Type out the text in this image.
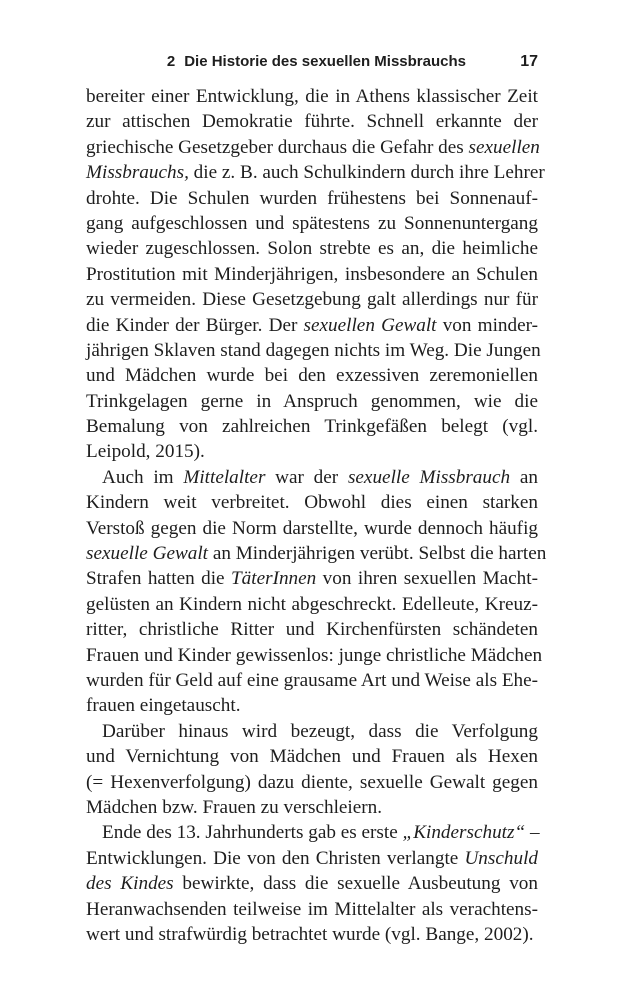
2 Die Historie des sexuellen Missbrauchs	17
bereiter einer Entwicklung, die in Athens klassischer Zeit
zur attischen Demokratie führte. Schnell erkannte der
griechische Gesetzgeber durchaus die Gefahr des sexuellen
Missbrauchs, die z. B. auch Schulkindern durch ihre Lehrer
drohte. Die Schulen wurden frühestens bei Sonnenauf-
gang aufgeschlossen und spätestens zu Sonnenuntergang
wieder zugeschlossen. Solon strebte es an, die heimliche
Prostitution mit Minderjährigen, insbesondere an Schulen
zu vermeiden. Diese Gesetzgebung galt allerdings nur für
die Kinder der Bürger. Der sexuellen Gewalt von minder-
jährigen Sklaven stand dagegen nichts im Weg. Die Jungen
und Mädchen wurde bei den exzessiven zeremoniellen
Trinkgelagen gerne in Anspruch genommen, wie die
Bemalung von zahlreichen Trinkgefäßen belegt (vgl.
Leipold, 2015).
Auch im Mittelalter war der sexuelle Missbrauch an
Kindern weit verbreitet. Obwohl dies einen starken
Verstoß gegen die Norm darstellte, wurde dennoch häufig
sexuelle Gewalt an Minderjährigen verübt. Selbst die harten
Strafen hatten die TäterInnen von ihren sexuellen Macht-
gelüsten an Kindern nicht abgeschreckt. Edelleute, Kreuz-
ritter, christliche Ritter und Kirchenfürsten schändeten
Frauen und Kinder gewissenlos: junge christliche Mädchen
wurden für Geld auf eine grausame Art und Weise als Ehe-
frauen eingetauscht.
Darüber hinaus wird bezeugt, dass die Verfolgung
und Vernichtung von Mädchen und Frauen als Hexen
(= Hexenverfolgung) dazu diente, sexuelle Gewalt gegen
Mädchen bzw. Frauen zu verschleiern.
Ende des 13. Jahrhunderts gab es erste „Kinderschutz“ –
Entwicklungen. Die von den Christen verlangte Unschuld
des Kindes bewirkte, dass die sexuelle Ausbeutung von
Heranwachsenden teilweise im Mittelalter als verachtens-
wert und strafwürdig betrachtet wurde (vgl. Bange, 2002).
